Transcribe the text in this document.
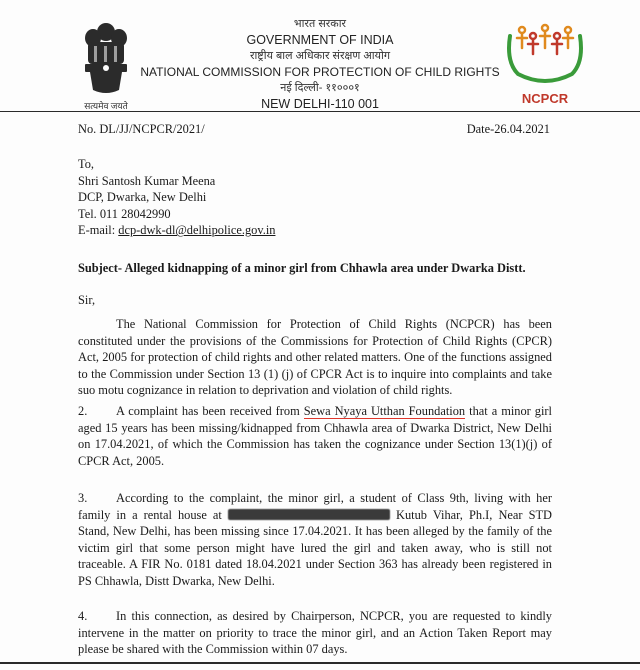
सत्यमेव जयते
भारत सरकार
GOVERNMENT OF INDIA
राष्ट्रीय बाल अधिकार संरक्षण आयोग
NATIONAL COMMISSION FOR PROTECTION OF CHILD RIGHTS
नई दिल्ली- ११०००१
NEW DELHI-110 001	NCPCR
No. DL/JJ/NCPCR/2021/	Date-26.04.2021
To,
Shri Santosh Kumar Meena
DCP, Dwarka, New Delhi
Tel. 011 28042990
E-mail: dcp-dwk-dl@delhipolice.gov.in
Subject- Alleged kidnapping of a minor girl from Chhawla area under Dwarka Distt.
Sir,
The National Commission for Protection of Child Rights (NCPCR) has been constituted under the provisions of the Commissions for Protection of Child Rights (CPCR) Act, 2005 for protection of child rights and other related matters. One of the functions assigned to the Commission under Section 13 (1) (j) of CPCR Act is to inquire into complaints and take suo motu cognizance in relation to deprivation and violation of child rights.
2. A complaint has been received from Sewa Nyaya Utthan Foundation that a minor girl aged 15 years has been missing/kidnapped from Chhawla area of Dwarka District, New Delhi on 17.04.2021, of which the Commission has taken the cognizance under Section 13(1)(j) of CPCR Act, 2005.
3. According to the complaint, the minor girl, a student of Class 9th, living with her family in a rental house at	Kutub Vihar, Ph.I, Near STD Stand, New Delhi, has been missing since 17.04.2021. It has been alleged by the family of the victim girl that some person might have lured the girl and taken away, who is still not traceable. A FIR No. 0181 dated 18.04.2021 under Section 363 has already been registered in PS Chhawla, Distt Dwarka, New Delhi.
4. In this connection, as desired by Chairperson, NCPCR, you are requested to kindly intervene in the matter on priority to trace the minor girl, and an Action Taken Report may please be shared with the Commission within 07 days.
